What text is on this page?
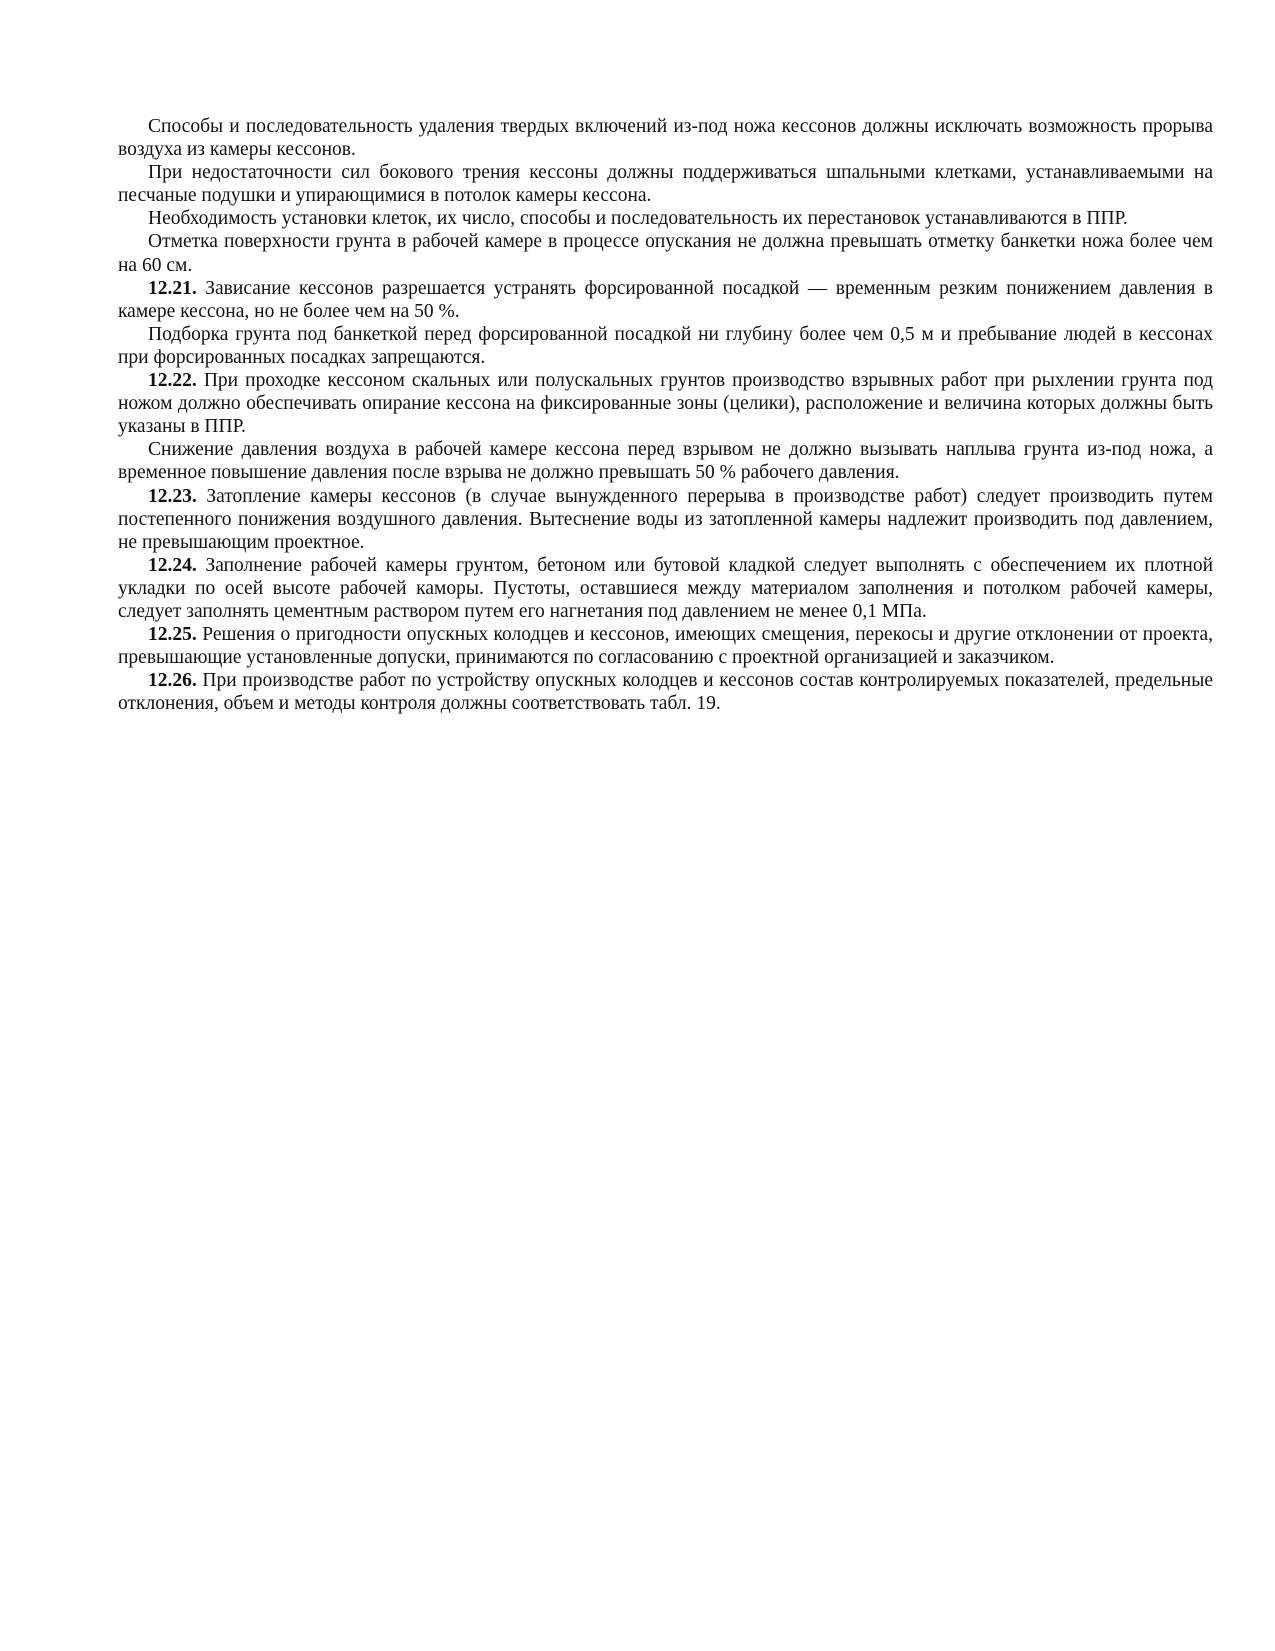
Способы и последовательность удаления твердых включений из-под ножа кессонов должны исключать возможность прорыва воздуха из камеры кессонов.

При недостаточности сил бокового трения кессоны должны поддерживаться шпальными клетками, устанавливаемыми на песчаные подушки и упирающимися в потолок камеры кессона.

Необходимость установки клеток, их число, способы и последовательность их перестановок устанавливаются в ППР.

Отметка поверхности грунта в рабочей камере в процессе опускания не должна превышать отметку банкетки ножа более чем на 60 см.

12.21. Зависание кессонов разрешается устранять форсированной посадкой — временным резким понижением давления в камере кессона, но не более чем на 50 %.

Подборка грунта под банкеткой перед форсированной посадкой ни глубину более чем 0,5 м и пребывание людей в кессонах при форсированных посадках запрещаются.

12.22. При проходке кессоном скальных или полускальных грунтов производство взрывных работ при рыхлении грунта под ножом должно обеспечивать опирание кессона на фиксированные зоны (целики), расположение и величина которых должны быть указаны в ППР.

Снижение давления воздуха в рабочей камере кессона перед взрывом не должно вызывать наплыва грунта из-под ножа, а временное повышение давления после взрыва не должно превышать 50 % рабочего давления.

12.23. Затопление камеры кессонов (в случае вынужденного перерыва в производстве работ) следует производить путем постепенного понижения воздушного давления. Вытеснение воды из затопленной камеры надлежит производить под давлением, не превышающим проектное.

12.24. Заполнение рабочей камеры грунтом, бетоном или бутовой кладкой следует выполнять с обеспечением их плотной укладки по осей высоте рабочей каморы. Пустоты, оставшиеся между материалом заполнения и потолком рабочей камеры, следует заполнять цементным раствором путем его нагнетания под давлением не менее 0,1 МПа.

12.25. Решения о пригодности опускных колодцев и кессонов, имеющих смещения, перекосы и другие отклонении от проекта, превышающие установленные допуски, принимаются по согласованию с проектной организацией и заказчиком.

12.26. При производстве работ по устройству опускных колодцев и кессонов состав контролируемых показателей, предельные отклонения, объем и методы контроля должны соответствовать табл. 19.
